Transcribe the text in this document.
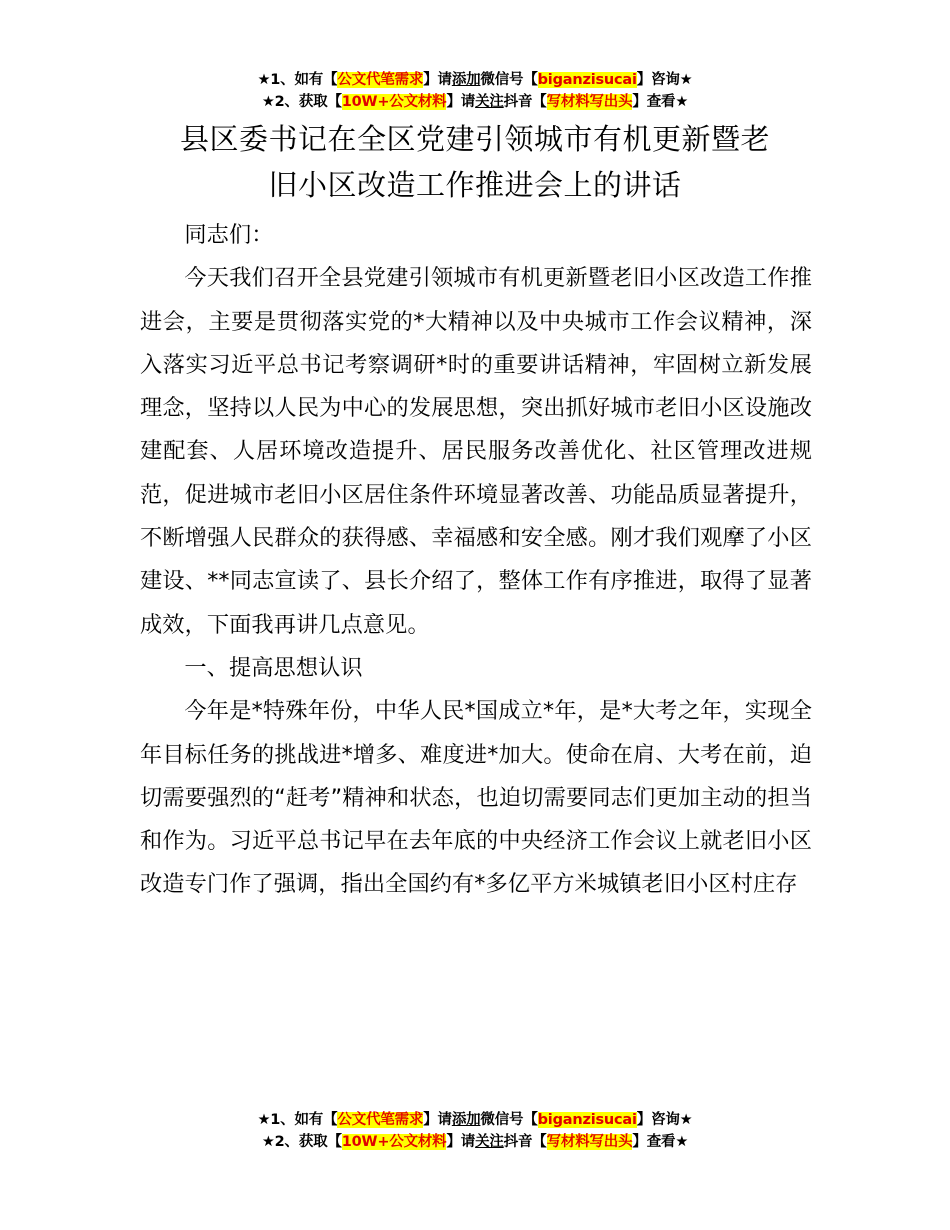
★1、如有【公文代笔需求】请添加微信号【biganzisucai】咨询★
★2、获取【10W+公文材料】请关注抖音【写材料写出头】查看★
县区委书记在全区党建引领城市有机更新暨老
旧小区改造工作推进会上的讲话

同志们：

今天我们召开全县党建引领城市有机更新暨老旧小区改造工作推进会，主要是贯彻落实党的*大精神以及中央城市工作会议精神，深入落实习近平总书记考察调研*时的重要讲话精神，牢固树立新发展理念，坚持以人民为中心的发展思想，突出抓好城市老旧小区设施改建配套、人居环境改造提升、居民服务改善优化、社区管理改进规范，促进城市老旧小区居住条件环境显著改善、功能品质显著提升，不断增强人民群众的获得感、幸福感和安全感。刚才我们观摩了小区建设、**同志宣读了、县长介绍了，整体工作有序推进，取得了显著成效，下面我再讲几点意见。

一、提高思想认识

今年是*特殊年份，中华人民*国成立*年，是*大考之年，实现全年目标任务的挑战进*增多、难度进*加大。使命在肩、大考在前，迫切需要强烈的“赶考”精神和状态，也迫切需要同志们更加主动的担当和作为。习近平总书记早在去年底的中央经济工作会议上就老旧小区改造专门作了强调，指出全国约有*多亿平方米城镇老旧小区村庄存

★1、如有【公文代笔需求】请添加微信号【biganzisucai】咨询★
★2、获取【10W+公文材料】请关注抖音【写材料写出头】查看★
